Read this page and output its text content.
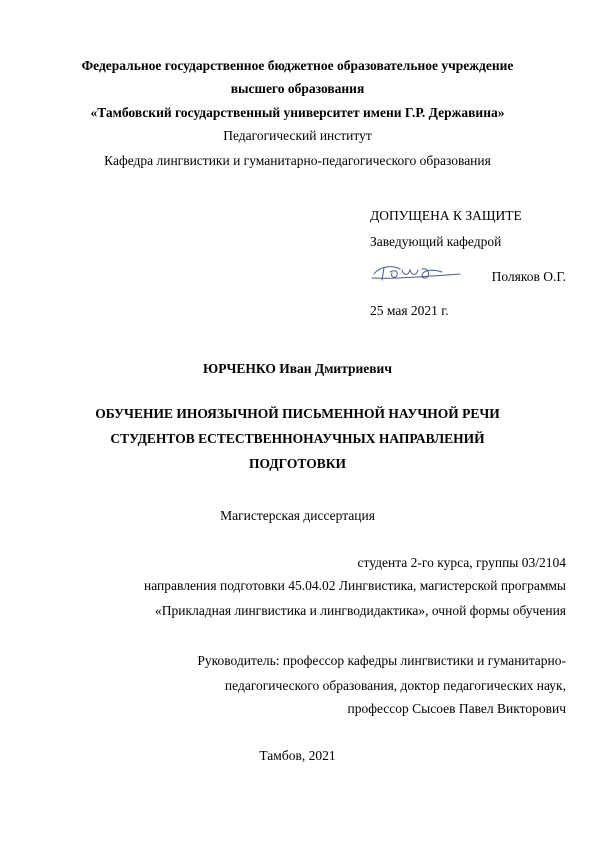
Федеральное государственное бюджетное образовательное учреждение
высшего образования
«Тамбовский государственный университет имени Г.Р. Державина»
Педагогический институт
Кафедра лингвистики и гуманитарно-педагогического образования
ДОПУЩЕНА К ЗАЩИТЕ
Заведующий кафедрой
Поляков О.Г.
25 мая 2021 г.
ЮРЧЕНКО Иван Дмитриевич
ОБУЧЕНИЕ ИНОЯЗЫЧНОЙ ПИСЬМЕННОЙ НАУЧНОЙ РЕЧИ
СТУДЕНТОВ ЕСТЕСТВЕННОНАУЧНЫХ НАПРАВЛЕНИЙ
ПОДГОТОВКИ
Магистерская диссертация
студента 2-го курса, группы 03/2104
направления подготовки 45.04.02 Лингвистика, магистерской программы
«Прикладная лингвистика и лингводидактика», очной формы обучения
Руководитель: профессор кафедры лингвистики и гуманитарно-
педагогического образования, доктор педагогических наук,
профессор Сысоев Павел Викторович
Тамбов, 2021
